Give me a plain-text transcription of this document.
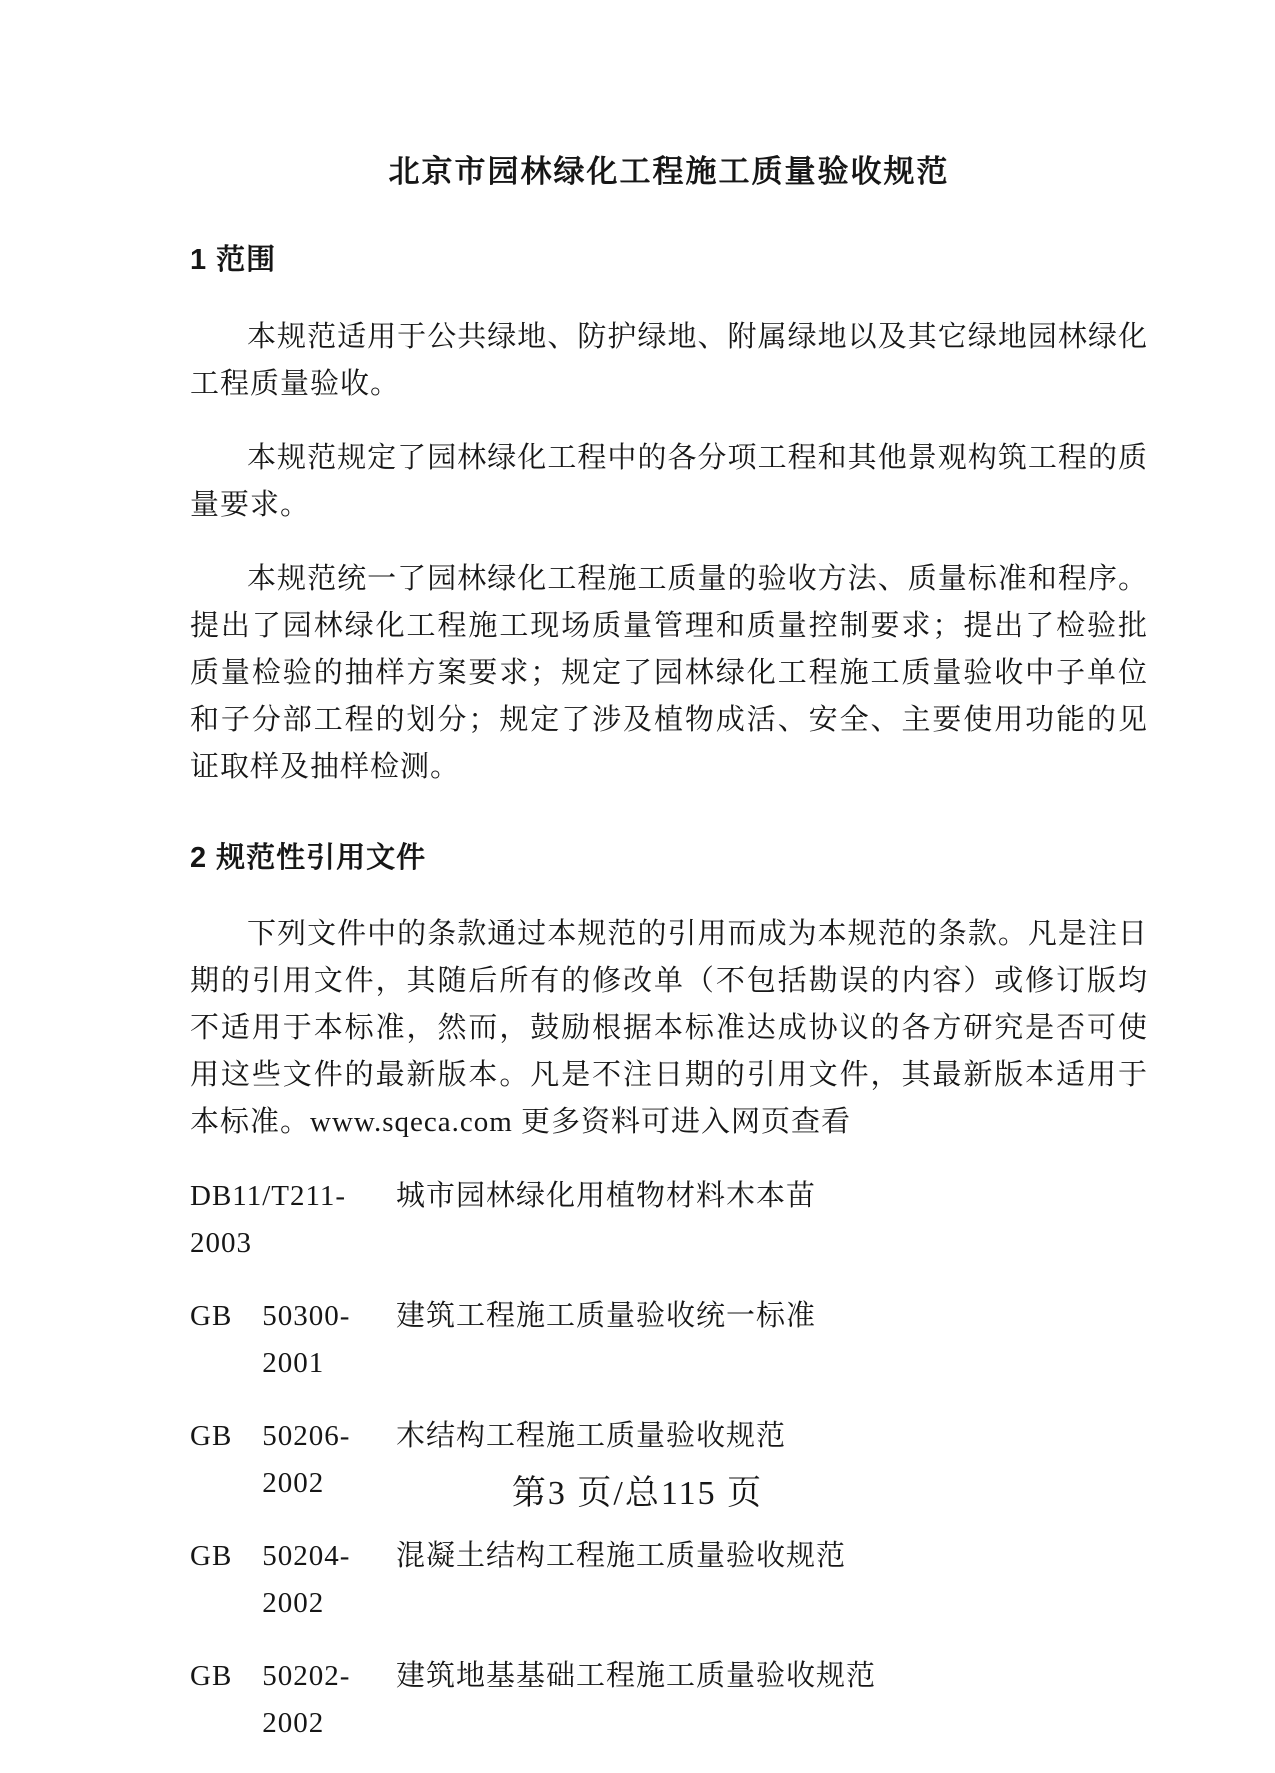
北京市园林绿化工程施工质量验收规范
1 范围

本规范适用于公共绿地、防护绿地、附属绿地以及其它绿地园林绿化工程质量验收。

本规范规定了园林绿化工程中的各分项工程和其他景观构筑工程的质量要求。

本规范统一了园林绿化工程施工质量的验收方法、质量标准和程序。提出了园林绿化工程施工现场质量管理和质量控制要求；提出了检验批质量检验的抽样方案要求；规定了园林绿化工程施工质量验收中子单位和子分部工程的划分；规定了涉及植物成活、安全、主要使用功能的见证取样及抽样检测。

2 规范性引用文件

下列文件中的条款通过本规范的引用而成为本规范的条款。凡是注日期的引用文件，其随后所有的修改单（不包括勘误的内容）或修订版均不适用于本标准，然而，鼓励根据本标准达成协议的各方研究是否可使用这些文件的最新版本。凡是不注日期的引用文件，其最新版本适用于本标准。www.sqeca.com 更多资料可进入网页查看

DB11/T211-2003
城市园林绿化用植物材料木本苗
GB 50300-2001
建筑工程施工质量验收统一标准
GB 50206-2002
木结构工程施工质量验收规范
GB 50204-2002
混凝土结构工程施工质量验收规范
GB 50202-2002
建筑地基基础工程施工质量验收规范
第3 页/总115 页
